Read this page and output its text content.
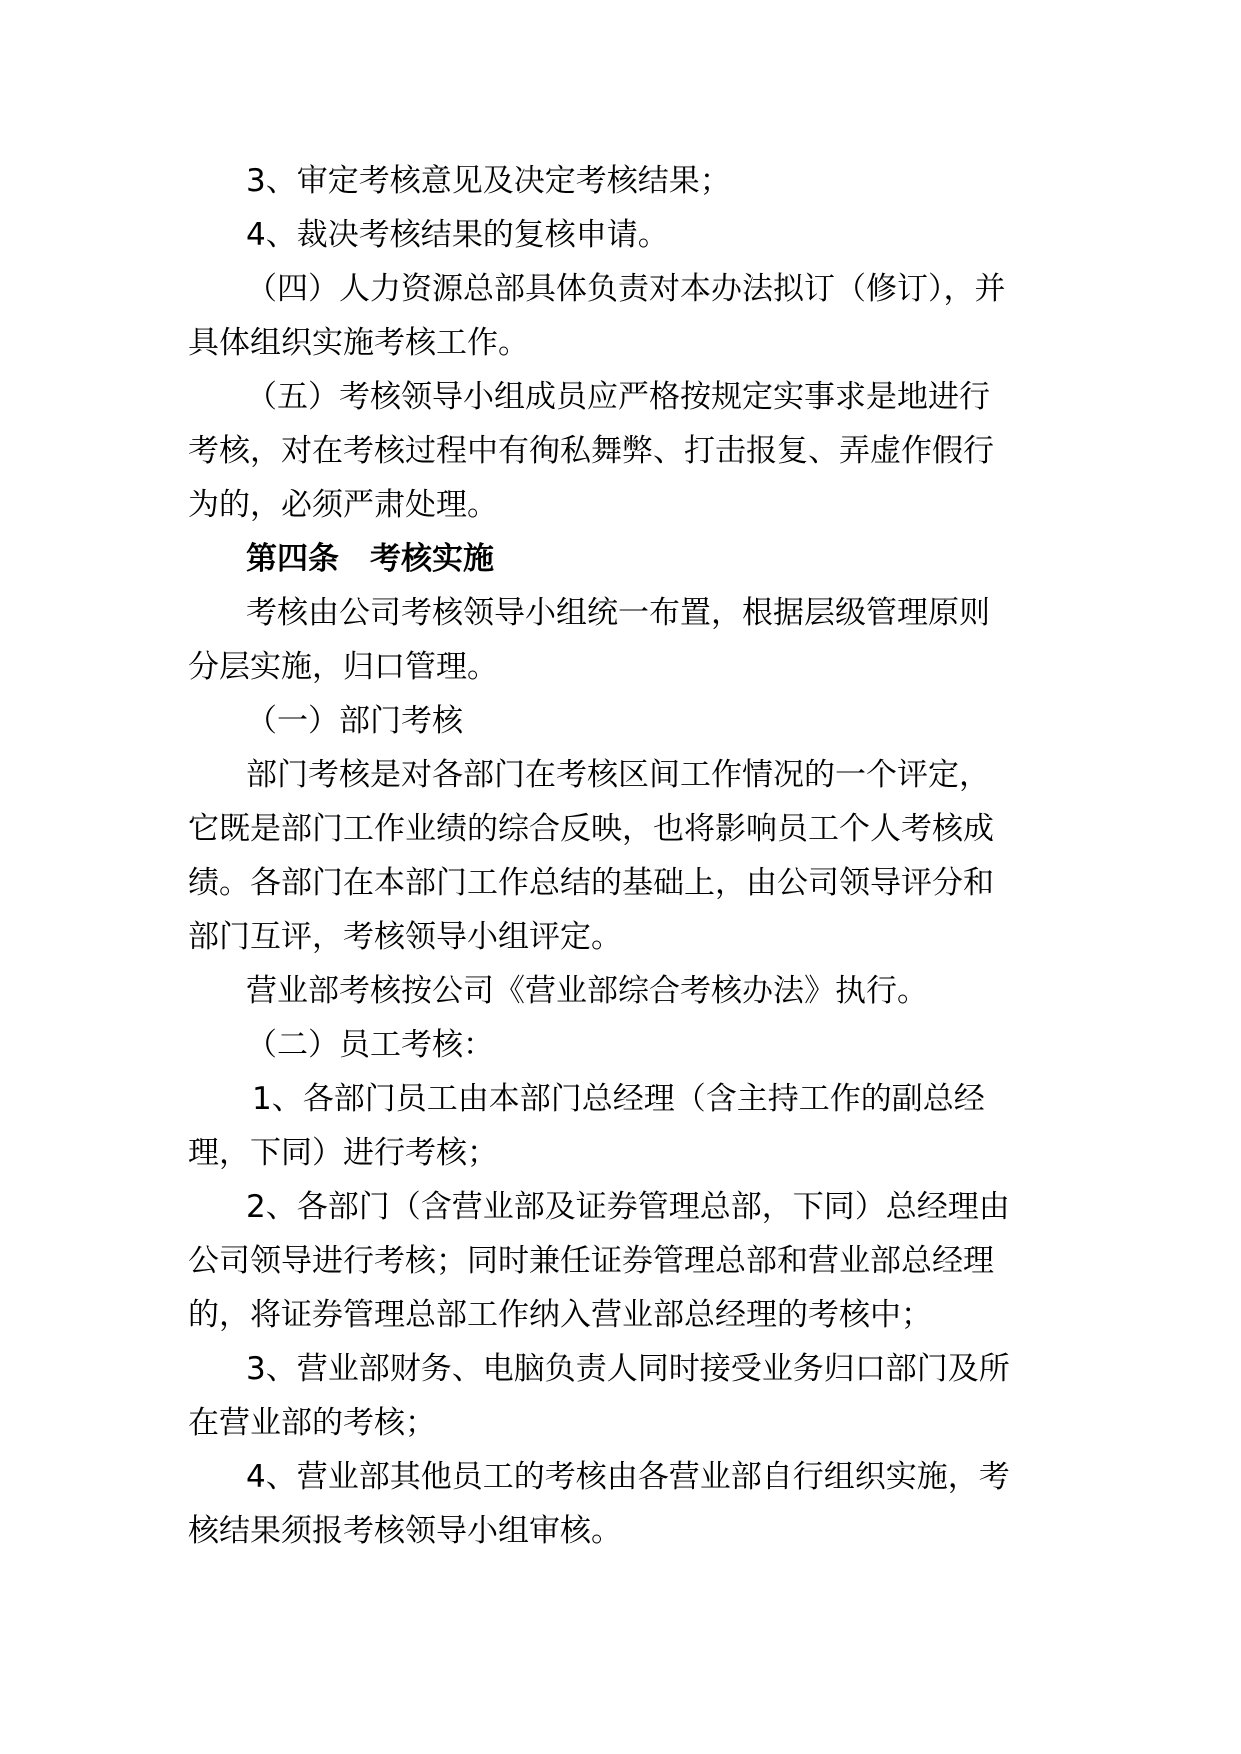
3、审定考核意见及决定考核结果；

4、裁决考核结果的复核申请。

（四）人力资源总部具体负责对本办法拟订（修订），并
具体组织实施考核工作。

（五）考核领导小组成员应严格按规定实事求是地进行
考核，对在考核过程中有徇私舞弊、打击报复、弄虚作假行
为的，必须严肃处理。

第四条　考核实施

考核由公司考核领导小组统一布置，根据层级管理原则
分层实施，归口管理。

（一）部门考核

部门考核是对各部门在考核区间工作情况的一个评定，
它既是部门工作业绩的综合反映，也将影响员工个人考核成
绩。各部门在本部门工作总结的基础上，由公司领导评分和
部门互评，考核领导小组评定。

营业部考核按公司《营业部综合考核办法》执行。

（二）员工考核：

1、各部门员工由本部门总经理（含主持工作的副总经
理，下同）进行考核；

2、各部门（含营业部及证券管理总部，下同）总经理由
公司领导进行考核；同时兼任证券管理总部和营业部总经理
的，将证券管理总部工作纳入营业部总经理的考核中；

3、营业部财务、电脑负责人同时接受业务归口部门及所
在营业部的考核；

4、营业部其他员工的考核由各营业部自行组织实施，考
核结果须报考核领导小组审核。
